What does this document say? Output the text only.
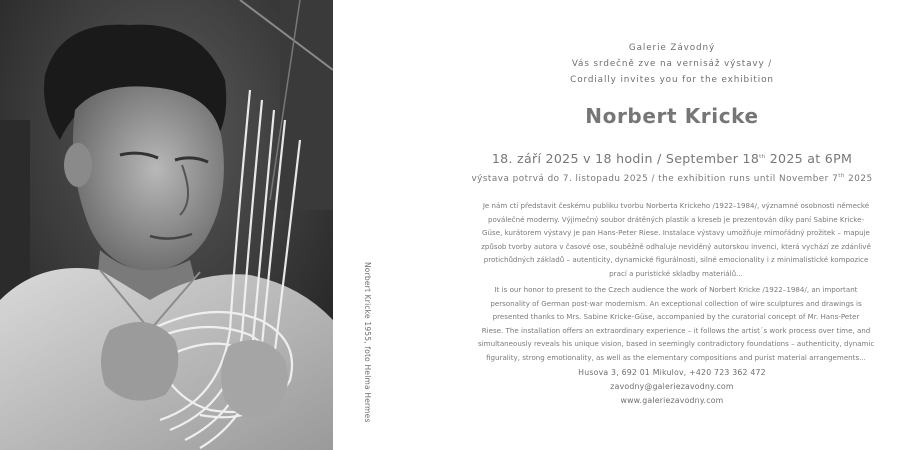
Norbert Kricke 1955, foto Helma Hermes
Galerie Závodný
Vás srdečně zve na vernisáž výstavy /
Cordially invites you for the exhibition
Norbert Kricke
18. září 2025 v 18 hodin / September 18th 2025 at 6PM
výstava potrvá do 7. listopadu 2025 / the exhibition runs until November 7th 2025
Je nám ctí představit českému publiku tvorbu Norberta Krickeho /1922–1984/, významné osobnosti německé
poválečné moderny. Výjimečný soubor drátěných plastik a kreseb je prezentován díky paní Sabine Kricke-
Güse, kurátorem výstavy je pan Hans-Peter Riese. Instalace výstavy umožňuje mimořádný prožitek – mapuje
způsob tvorby autora v časové ose, souběžně odhaluje neviděný autorskou invenci, která vychází ze zdánlivě
protichůdných základů – autenticity, dynamické figurálnosti, silné emocionality i z minimalistické kompozice
prací a puristické skladby materiálů...
It is our honor to present to the Czech audience the work of Norbert Kricke /1922–1984/, an important
personality of German post-war modernism. An exceptional collection of wire sculptures and drawings is
presented thanks to Mrs. Sabine Kricke-Güse, accompanied by the curatorial concept of Mr. Hans-Peter
Riese. The installation offers an extraordinary experience – it follows the artist´s work process over time, and
simultaneously reveals his unique vision, based in seemingly contradictory foundations – authenticity, dynamic
figurality, strong emotionality, as well as the elementary compositions and purist material arrangements...
Husova 3, 692 01 Mikulov, +420 723 362 472
zavodny@galeriezavodny.com
www.galeriezavodny.com
